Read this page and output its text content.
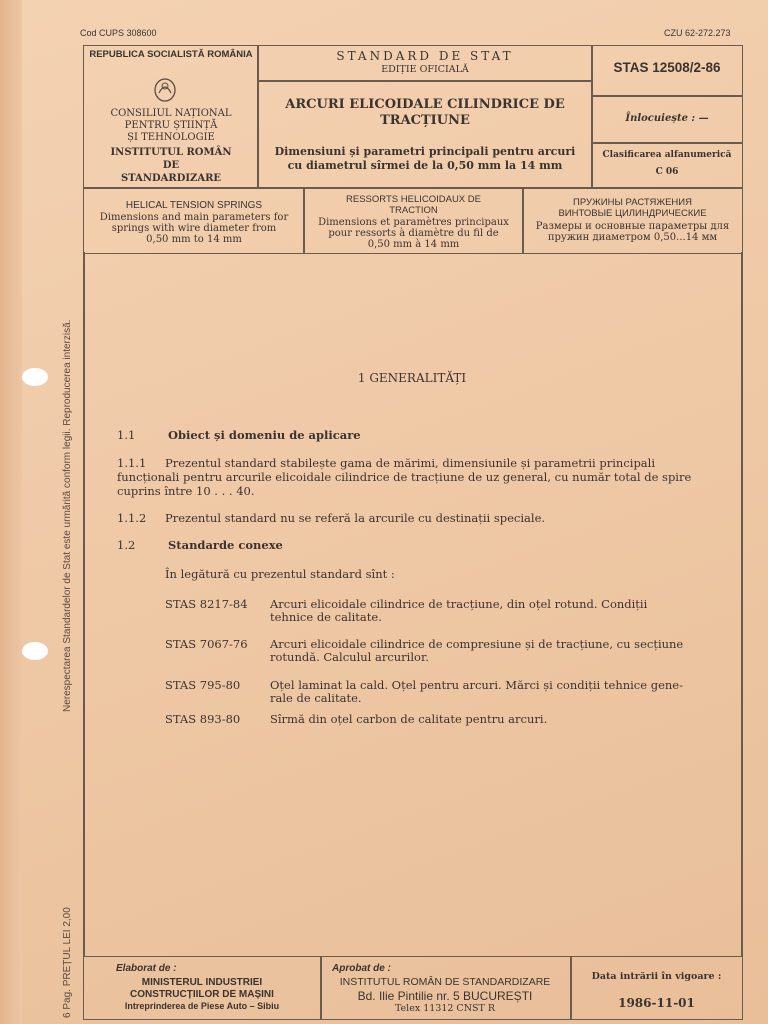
Cod CUPS 308600	CZU 62-272.273
REPUBLICA SOCIALISTĂ ROMÂNIA
CONSILIUL NAȚIONAL
PENTRU ȘTIINȚĂ
ȘI TEHNOLOGIE
INSTITUTUL ROMÂN
DE
STANDARDIZARE
STANDARD DE STAT
EDIȚIE OFICIALĂ
ARCURI ELICOIDALE CILINDRICE DE
TRACȚIUNE
Dimensiuni și parametri principali pentru arcuri
cu diametrul sîrmei de la 0,50 mm la 14 mm
STAS 12508/2-86
Înlocuiește : —
Clasificarea alfanumerică
C 06
HELICAL TENSION SPRINGS
Dimensions and main parameters for
springs with wire diameter from
0,50 mm to 14 mm
RESSORTS HELICOIDAUX DE
TRACTION
Dimensions et paramètres principaux
pour ressorts à diamètre du fil de
0,50 mm à 14 mm
ПРУЖИНЫ РАСТЯЖЕНИЯ
ВИНТОВЫЕ ЦИЛИНДРИЧЕСКИЕ
Размеры и основные параметры для
пружин диаметром 0,50...14 мм
1 GENERALITĂȚI
1.1	Obiect și domeniu de aplicare
1.1.1 Prezentul standard stabilește gama de mărimi, dimensiunile și parametrii principali
funcționali pentru arcurile elicoidale cilindrice de tracțiune de uz general, cu număr total de spire
cuprins între 10 . . . 40.
1.1.2 Prezentul standard nu se referă la arcurile cu destinații speciale.
1.2	Standarde conexe
În legătură cu prezentul standard sînt :
STAS 8217-84 Arcuri elicoidale cilindrice de tracțiune, din oțel rotund. Condiții
tehnice de calitate.
STAS 7067-76 Arcuri elicoidale cilindrice de compresiune și de tracțiune, cu secțiune
rotundă. Calculul arcurilor.
STAS 795-80	Oțel laminat la cald. Oțel pentru arcuri. Mărci și condiții tehnice gene-
rale de calitate.
STAS 893-80	Sîrmă din oțel carbon de calitate pentru arcuri.
Nerespectarea Standardelor de Stat este urmărită conform legii. Reproducerea interzisă.
6 Pag. PREȚUL LEI 2,00	Elaborat de :
MINISTERUL INDUSTRIEI
CONSTRUCȚIILOR DE MAȘINI
Intreprinderea de Piese Auto – Sibiu
Aprobat de :
INSTITUTUL ROMÂN DE STANDARDIZARE
Bd. Ilie Pintilie nr. 5 BUCUREȘTI
Telex 11312 CNST R
Data intrării în vigoare :
1986-11-01
